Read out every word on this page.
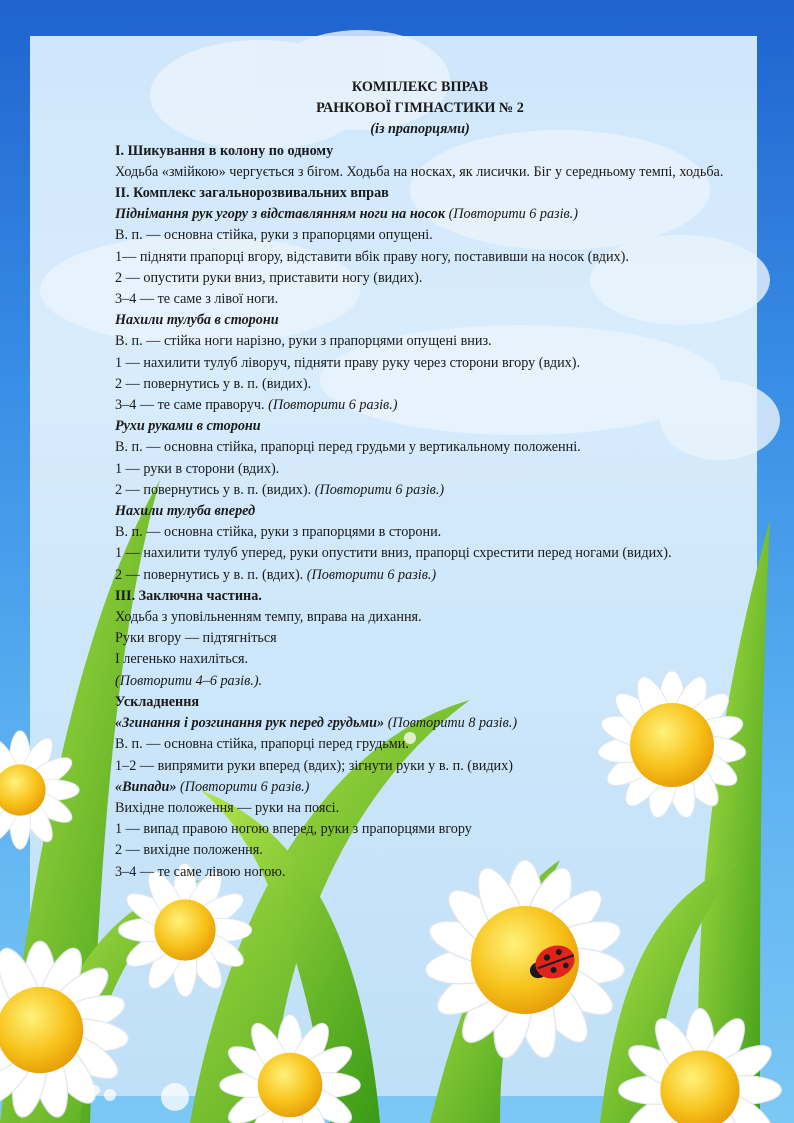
КОМПЛЕКС ВПРАВ

РАНКОВОЇ ГІМНАСТИКИ № 2

(із прапорцями)

І. Шикування в колону по одному

Ходьба «змійкою» чергується з бігом. Ходьба на носках, як лисички. Біг у середньому темпі, ходьба.

ІІ. Комплекс загальнорозвивальних вправ

Піднімання рук угору з відставлянням ноги на носок (Повторити 6 разів.)

В. п. — основна стійка, руки з прапорцями опущені.

1— підняти прапорці вгору, відставити вбік праву ногу, поставивши на носок (вдих).

2 — опустити руки вниз, приставити ногу (видих).

3–4 — те саме з лівої ноги.

Нахили тулуба в сторони

В. п. — стійка ноги нарізно, руки з прапорцями опущені вниз.

1 — нахилити тулуб ліворуч, підняти праву руку через сторони вгору (вдих).

2 — повернутись у в. п. (видих).

3–4 — те саме праворуч. (Повторити 6 разів.)

Рухи руками в сторони

В. п. — основна стійка, прапорці перед грудьми у вертикальному положенні.

1 — руки в сторони (вдих).

2 — повернутись у в. п. (видих). (Повторити 6 разів.)

Нахили тулуба вперед

В. п. — основна стійка, руки з прапорцями в сторони.

1 — нахилити тулуб уперед, руки опустити вниз, прапорці схрестити перед ногами (видих).

2 — повернутись у в. п. (вдих). (Повторити 6 разів.)

ІІІ. Заключна частина.

Ходьба з уповільненням темпу, вправа на дихання.

Руки вгору — підтягніться

І легенько нахиліться.

(Повторити 4–6 разів.).

Ускладнення

«Згинання і розгинання рук перед грудьми» (Повторити 8 разів.)

В. п. — основна стійка, прапорці перед грудьми.

1–2 — випрямити руки вперед (вдих); зігнути руки у в. п. (видих)

«Випади» (Повторити 6 разів.)

Вихідне положення — руки на поясі.

1 — випад правою ногою вперед, руки з прапорцями вгору

2 — вихідне положення.

3–4 — те саме лівою ногою.
